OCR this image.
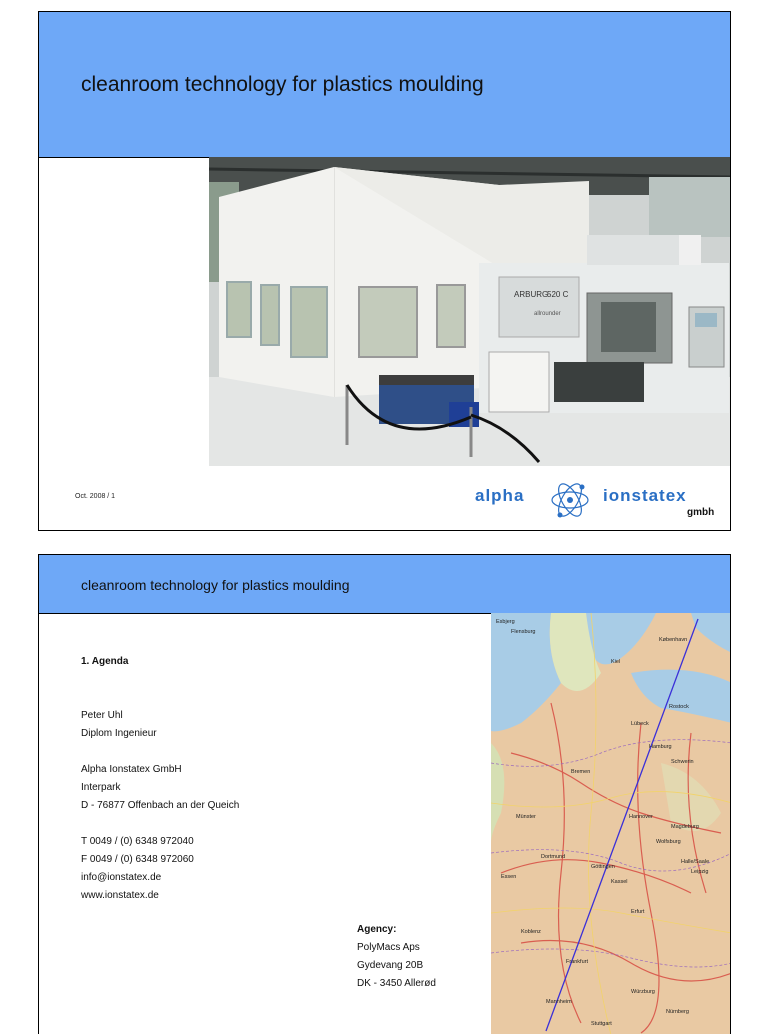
cleanroom technology for plastics moulding
ARBURG
520 C
allrounder
Oct. 2008 / 1	alpha	ionstatex
gmbh
cleanroom technology for plastics moulding
1. Agenda
Peter Uhl
Diplom Ingenieur
Alpha Ionstatex GmbH
Interpark
D - 76877 Offenbach an der Queich
T 0049 / (0) 6348 972040
F 0049 / (0) 6348 972060
info@ionstatex.de
www.ionstatex.de
Agency:
PolyMacs Aps
Gydevang 20B
DK - 3450 Allerød
København
Hamburg
Bremen
Rostock
Kiel
Lübeck
Schwerin
Hannover
Magdeburg
Dortmund
Kassel
Erfurt
Frankfurt
Mannheim
Nürnberg
Stuttgart
Würzburg
Wolfsburg
Leipzig
Halle/Saale
Münster
Essen
Koblenz
Flensburg
Esbjerg
Göttingen
